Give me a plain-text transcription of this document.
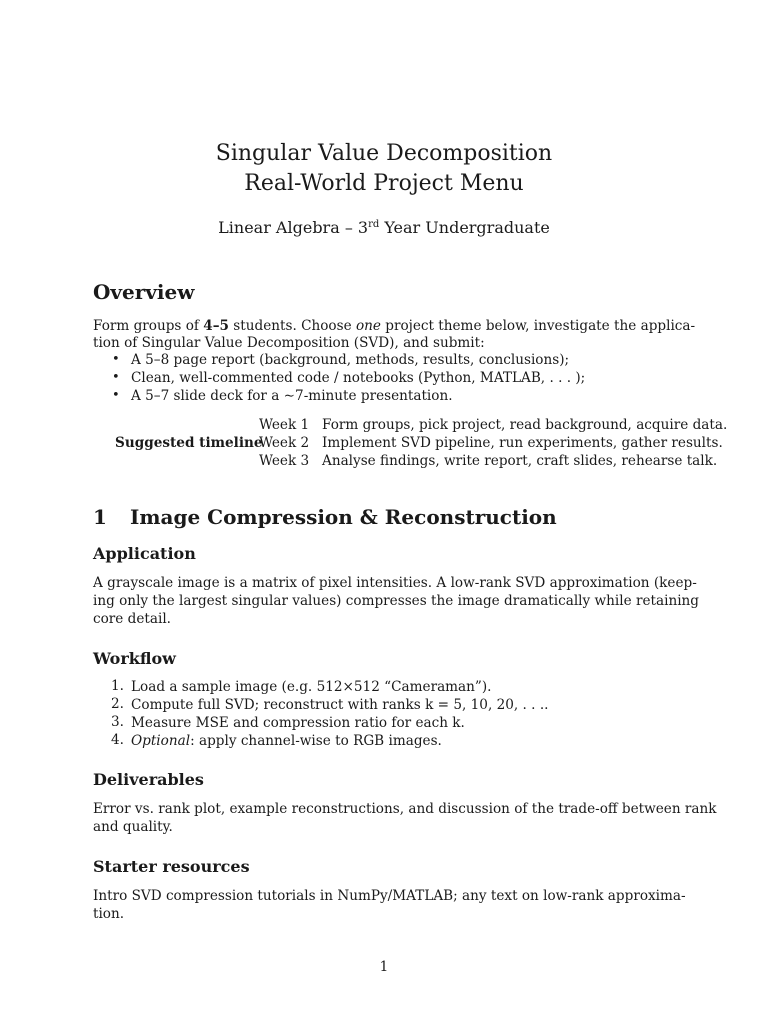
Singular Value Decomposition
Real-World Project Menu
Linear Algebra – 3rd Year Undergraduate
Overview
Form groups of 4–5 students. Choose one project theme below, investigate the applica-
tion of Singular Value Decomposition (SVD), and submit:
• A 5–8 page report (background, methods, results, conclusions);
• Clean, well-commented code / notebooks (Python, MATLAB, . . . );
• A 5–7 slide deck for a ∼7-minute presentation.
Suggested timeline
Week 1 Form groups, pick project, read background, acquire data.
Week 2 Implement SVD pipeline, run experiments, gather results.
Week 3 Analyse findings, write report, craft slides, rehearse talk.
1 Image Compression & Reconstruction
Application
A grayscale image is a matrix of pixel intensities. A low-rank SVD approximation (keep-
ing only the largest singular values) compresses the image dramatically while retaining
core detail.
Workflow
1. Load a sample image (e.g. 512×512 “Cameraman”).
2. Compute full SVD; reconstruct with ranks k = 5, 10, 20, . . ..
3. Measure MSE and compression ratio for each k.
4. Optional: apply channel-wise to RGB images.
Deliverables
Error vs. rank plot, example reconstructions, and discussion of the trade-off between rank
and quality.
Starter resources
Intro SVD compression tutorials in NumPy/MATLAB; any text on low-rank approxima-
tion.
1
